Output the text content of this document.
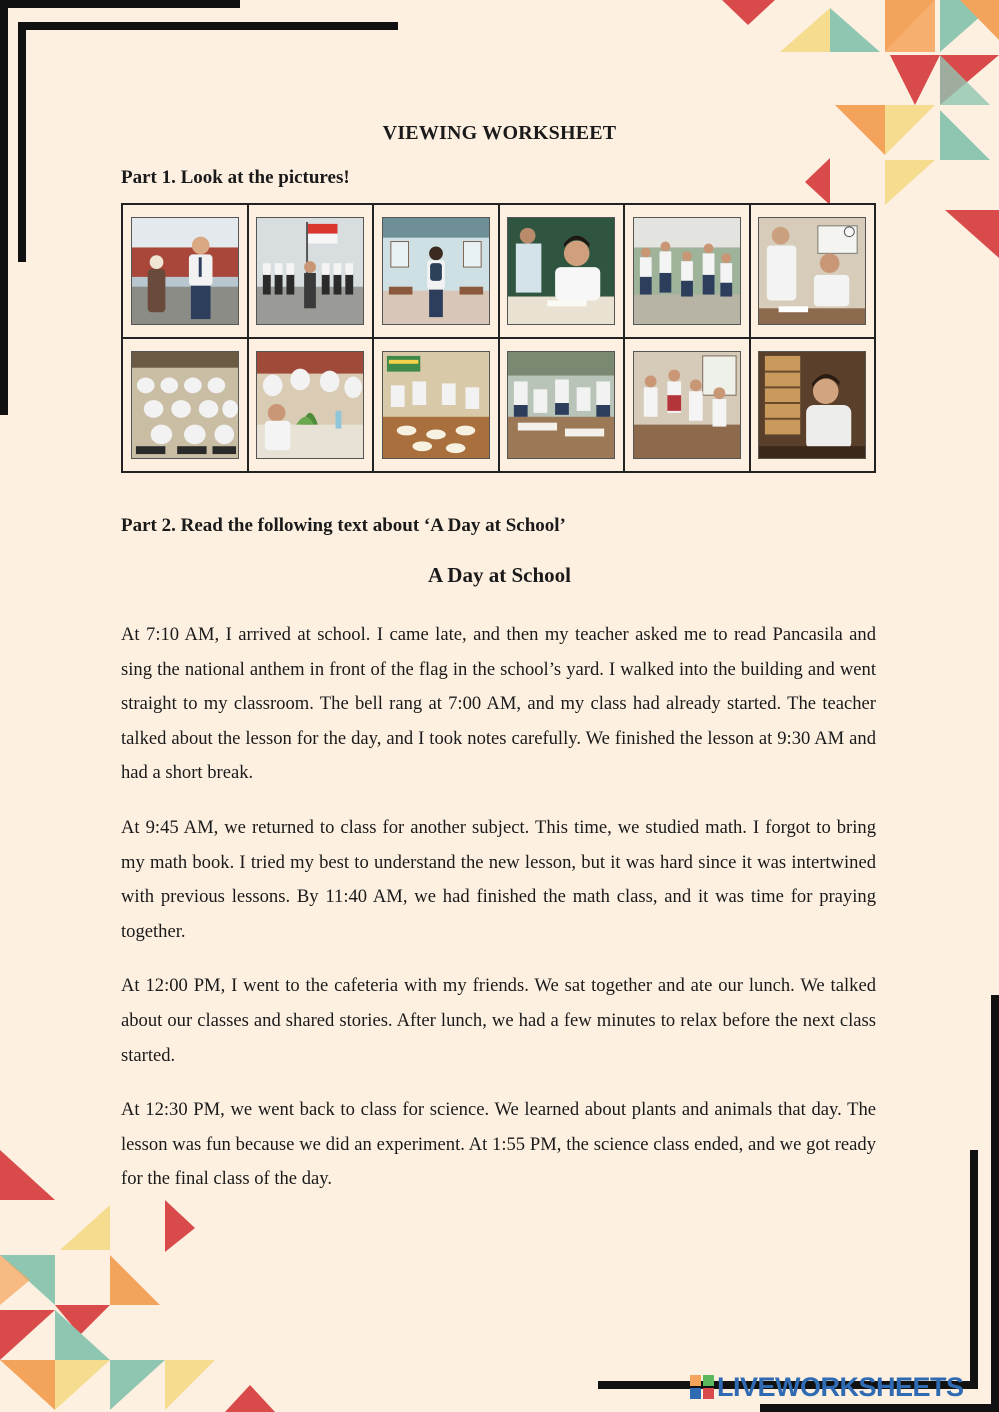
VIEWING WORKSHEET
Part 1. Look at the pictures!
Part 2. Read the following text about ‘A Day at School’
A Day at School

At 7:10 AM, I arrived at school. I came late, and then my teacher asked me to read Pancasila and sing the national anthem in front of the flag in the school’s yard. I walked into the building and went straight to my classroom. The bell rang at 7:00 AM, and my class had already started. The teacher talked about the lesson for the day, and I took notes carefully. We finished the lesson at 9:30 AM and had a short break.

At 9:45 AM, we returned to class for another subject. This time, we studied math. I forgot to bring my math book. I tried my best to understand the new lesson, but it was hard since it was intertwined with previous lessons. By 11:40 AM, we had finished the math class, and it was time for praying together.

At 12:00 PM, I went to the cafeteria with my friends. We sat together and ate our lunch. We talked about our classes and shared stories. After lunch, we had a few minutes to relax before the next class started.

At 12:30 PM, we went back to class for science. We learned about plants and animals that day. The lesson was fun because we did an experiment. At 1:55 PM, the science class ended, and we got ready for the final class of the day.

LIVEWORKSHEETS
